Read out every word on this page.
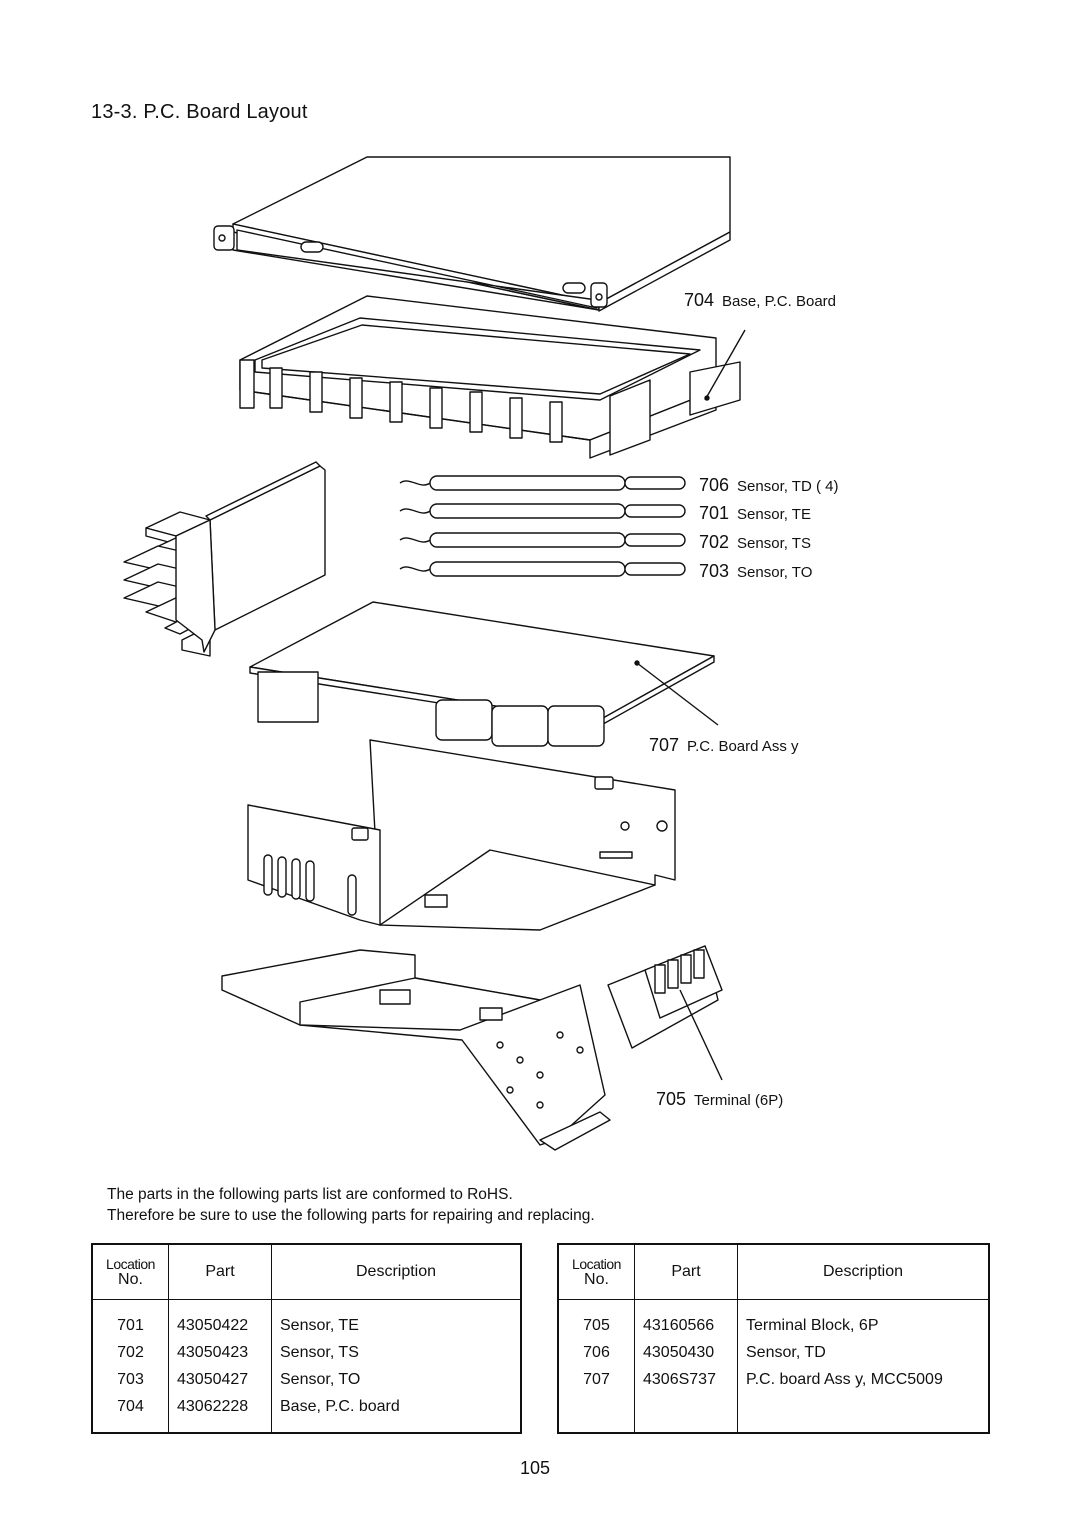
13-3. P.C. Board Layout
704 Base, P.C. Board
706 Sensor, TD ( 4)
701 Sensor, TE
702 Sensor, TS
703 Sensor, TO
707 P.C. Board Ass y
705 Terminal (6P)
The parts in the following parts list are conformed to RoHS.
Therefore be sure to use the following parts for repairing and replacing.
Location
No.	Part	Description
701	43050422	Sensor, TE
702	43050423	Sensor, TS
703	43050427	Sensor, TO
704	43062228	Base, P.C. board

Location
No.	Part	Description
705	43160566	Terminal Block, 6P
706	43050430	Sensor, TD
707	4306S737	P.C. board Ass y, MCC5009

105
